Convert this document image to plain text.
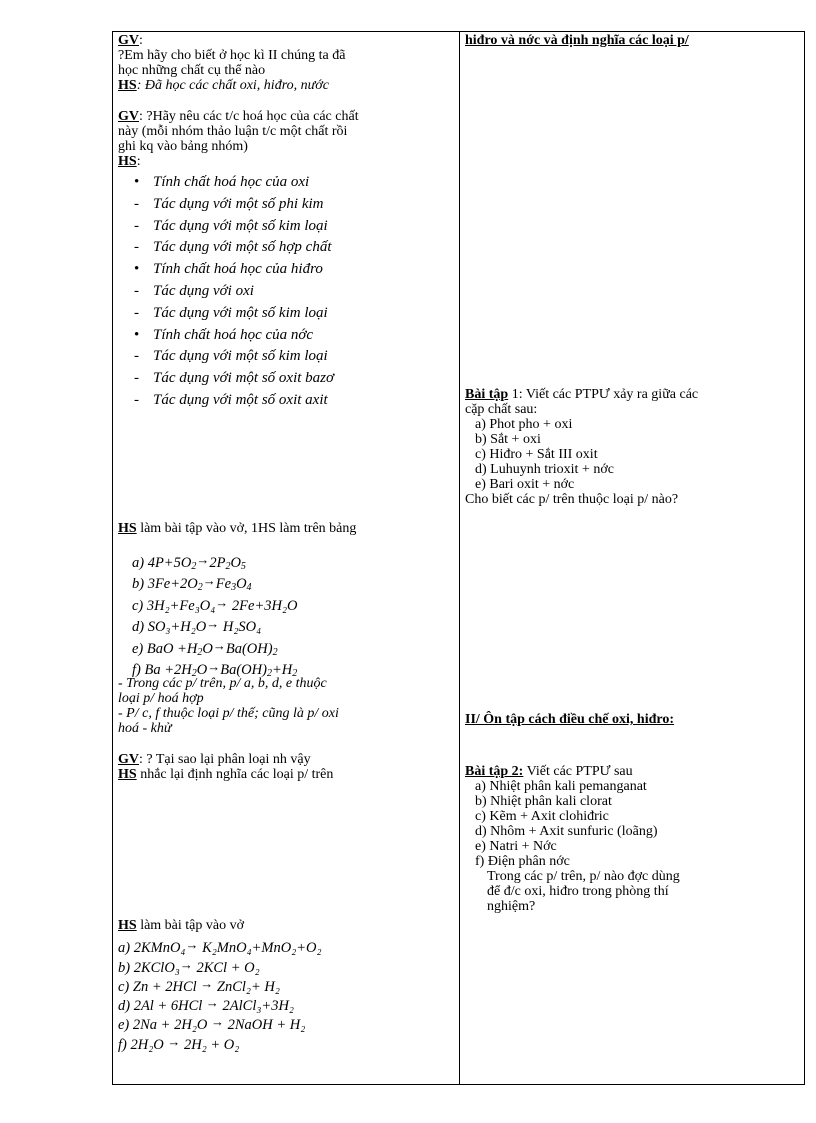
GV:
?Em hãy cho biết ở học kì II chúng ta đã
học những chất cụ thể nào
HS: Đã học các chất oxi, hiđro, nước
GV: ?Hãy nêu các t/c hoá học của các chất
này (mỗi nhóm thảo luận t/c một chất rồi
ghi kq vào bảng nhóm)
HS:
• Tính chất hoá học của oxi
- Tác dụng với một số phi kim
- Tác dụng với một số kim loại
- Tác dụng với một số hợp chất
• Tính chất hoá học của hiđro
- Tác dụng với oxi
- Tác dụng với một số kim loại
• Tính chất hoá học của nớc
- Tác dụng với một số kim loại
- Tác dụng với một số oxit bazơ
- Tác dụng với một số oxit axit
HS làm bài tập vào vở, 1HS làm trên bảng
a) $4P+5O_2\to 2P_2O_5$
b) $3Fe+2O_2\to Fe_3O_4$
c) 3H₂+Fe₃O₄→ 2Fe+3H₂O
d) SO₃+H₂O→ H₂SO₄
e) BaO $+H_2O\to Ba(OH)_2$
f) $Ba +2H_2O\to Ba(OH)_2+H_2$
- Trong các p/ trên, p/ a, b, d, e thuộc
loại p/ hoá hợp
- P/ c, f thuộc loại p/ thế; cũng là p/ oxi
hoá - khử
GV: ? Tại sao lại phân loại nh vậy
HS nhắc lại định nghĩa các loại p/ trên
HS làm bài tập vào vở
a) 2KMnO₄→ K₂MnO₄+MnO₂+O₂
b) 2KClO₃→ 2KCl + O₂
c) Zn + 2HCl → ZnCl₂+ H₂
d) 2Al + 6HCl → 2AlCl₃+3H₂
e) 2Na + 2H₂O → 2NaOH + H₂
f) 2H₂O → 2H₂ + O₂
hiđro và nớc và định nghĩa các loại p/
Bài tập 1: Viết các PTPƯ xảy ra giữa các
cặp chất sau:
a) Phot pho + oxi
b) Sắt + oxi
c) Hiđro + Sắt III oxit
d) Luhuynh trioxit + nớc
e) Bari oxit + nớc
Cho biết các p/ trên thuộc loại p/ nào?
II/ Ôn tập cách điều chế oxi, hiđro:
Bài tập 2: Viết các PTPƯ sau
a) Nhiệt phân kali pemanganat
b) Nhiệt phân kali clorat
c) Kẽm + Axit clohiđric
d) Nhôm + Axit sunfuric (loãng)
e) Natri + Nớc
f) Điện phân nớc
Trong các p/ trên, p/ nào đợc dùng
để đ/c oxi, hiđro trong phòng thí
nghiệm?
